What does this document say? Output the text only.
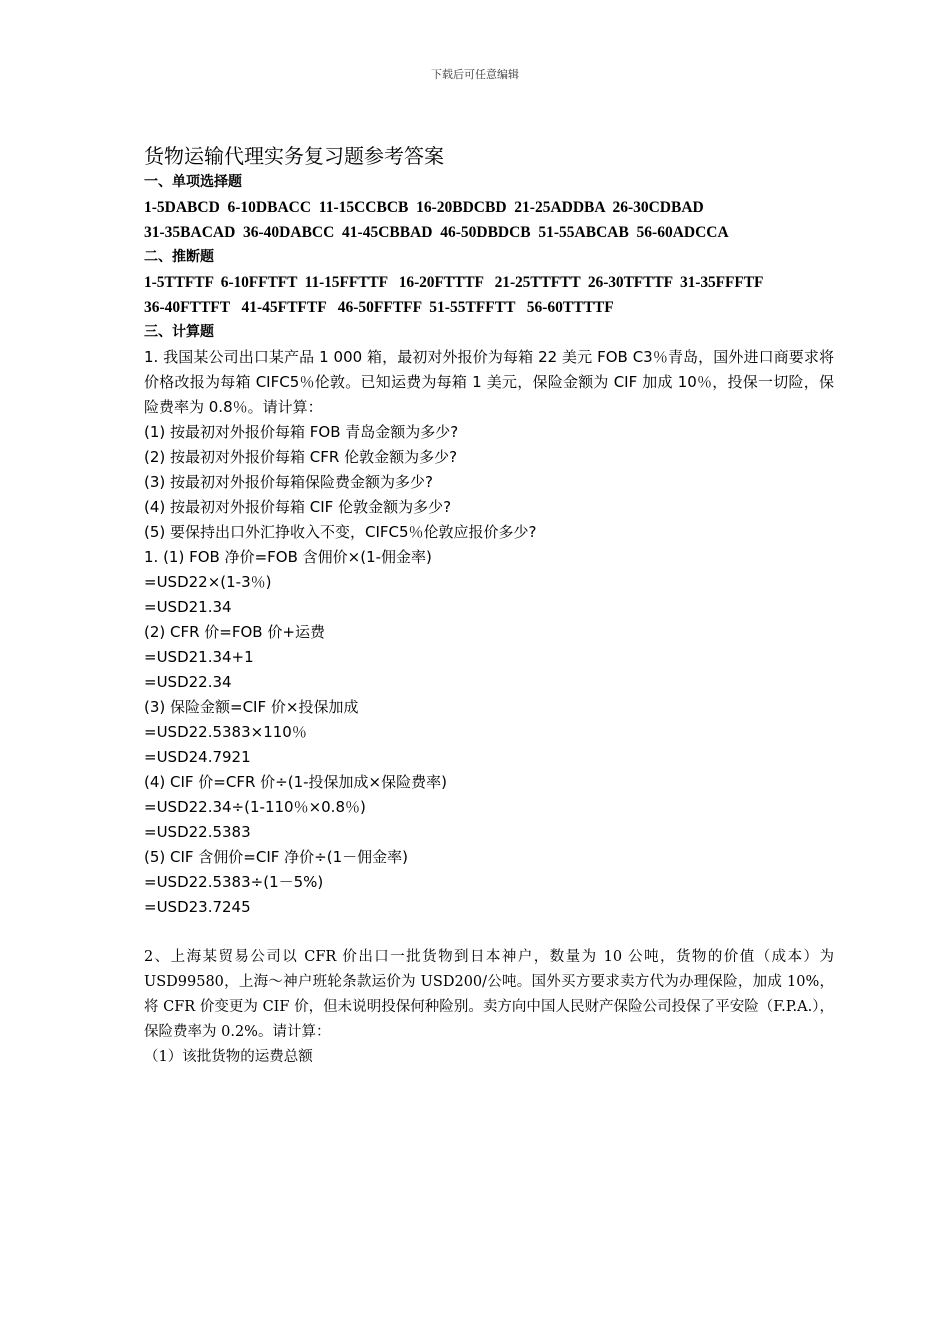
下载后可任意编辑
货物运输代理实务复习题参考答案

一、单项选择题

1-5DABCD  6-10DBACC  11-15CCBCB  16-20BDCBD  21-25ADDBA  26-30CDBAD

31-35BACAD  36-40DABCC  41-45CBBAD  46-50DBDCB  51-55ABCAB  56-60ADCCA

二、推断题

1-5TTFTF  6-10FFTFT  11-15FFTTF   16-20FTTTF   21-25TTFTT  26-30TFTTF  31-35FFFTF

36-40FTTFT   41-45FTFTF   46-50FFTFF  51-55TFFTT   56-60TTTTF

三、计算题

1. 我国某公司出口某产品 1 000 箱，最初对外报价为每箱 22 美元 FOB C3％青岛，国外进口商要求将价格改报为每箱 CIFC5％伦敦。已知运费为每箱 1 美元，保险金额为 CIF 加成 10％，投保一切险，保险费率为 0.8％。请计算：

(1) 按最初对外报价每箱 FOB 青岛金额为多少?

(2) 按最初对外报价每箱 CFR 伦敦金额为多少?

(3) 按最初对外报价每箱保险费金额为多少?

(4) 按最初对外报价每箱 CIF 伦敦金额为多少?

(5) 要保持出口外汇挣收入不变，CIFC5％伦敦应报价多少?

1. (1) FOB 净价=FOB 含佣价×(1-佣金率)

=USD22×(1-3％)

=USD21.34

(2) CFR 价=FOB 价+运费

=USD21.34+1

=USD22.34

(3) 保险金额=CIF 价×投保加成

=USD22.5383×110％

=USD24.7921

(4) CIF 价=CFR 价÷(1-投保加成×保险费率)

=USD22.34÷(1-110％×0.8％)

=USD22.5383

(5) CIF 含佣价=CIF 净价÷(1－佣金率)

=USD22.5383÷(1－5%)

=USD23.7245

2、上海某贸易公司以 CFR 价出口一批货物到日本神户，数量为 10 公吨，货物的价值（成本）为 USD99580，上海～神户班轮条款运价为 USD200/公吨。国外买方要求卖方代为办理保险，加成 10%，将 CFR 价变更为 CIF 价，但未说明投保何种险别。卖方向中国人民财产保险公司投保了平安险（F.P.A.），保险费率为 0.2%。请计算：

（1）该批货物的运费总额
